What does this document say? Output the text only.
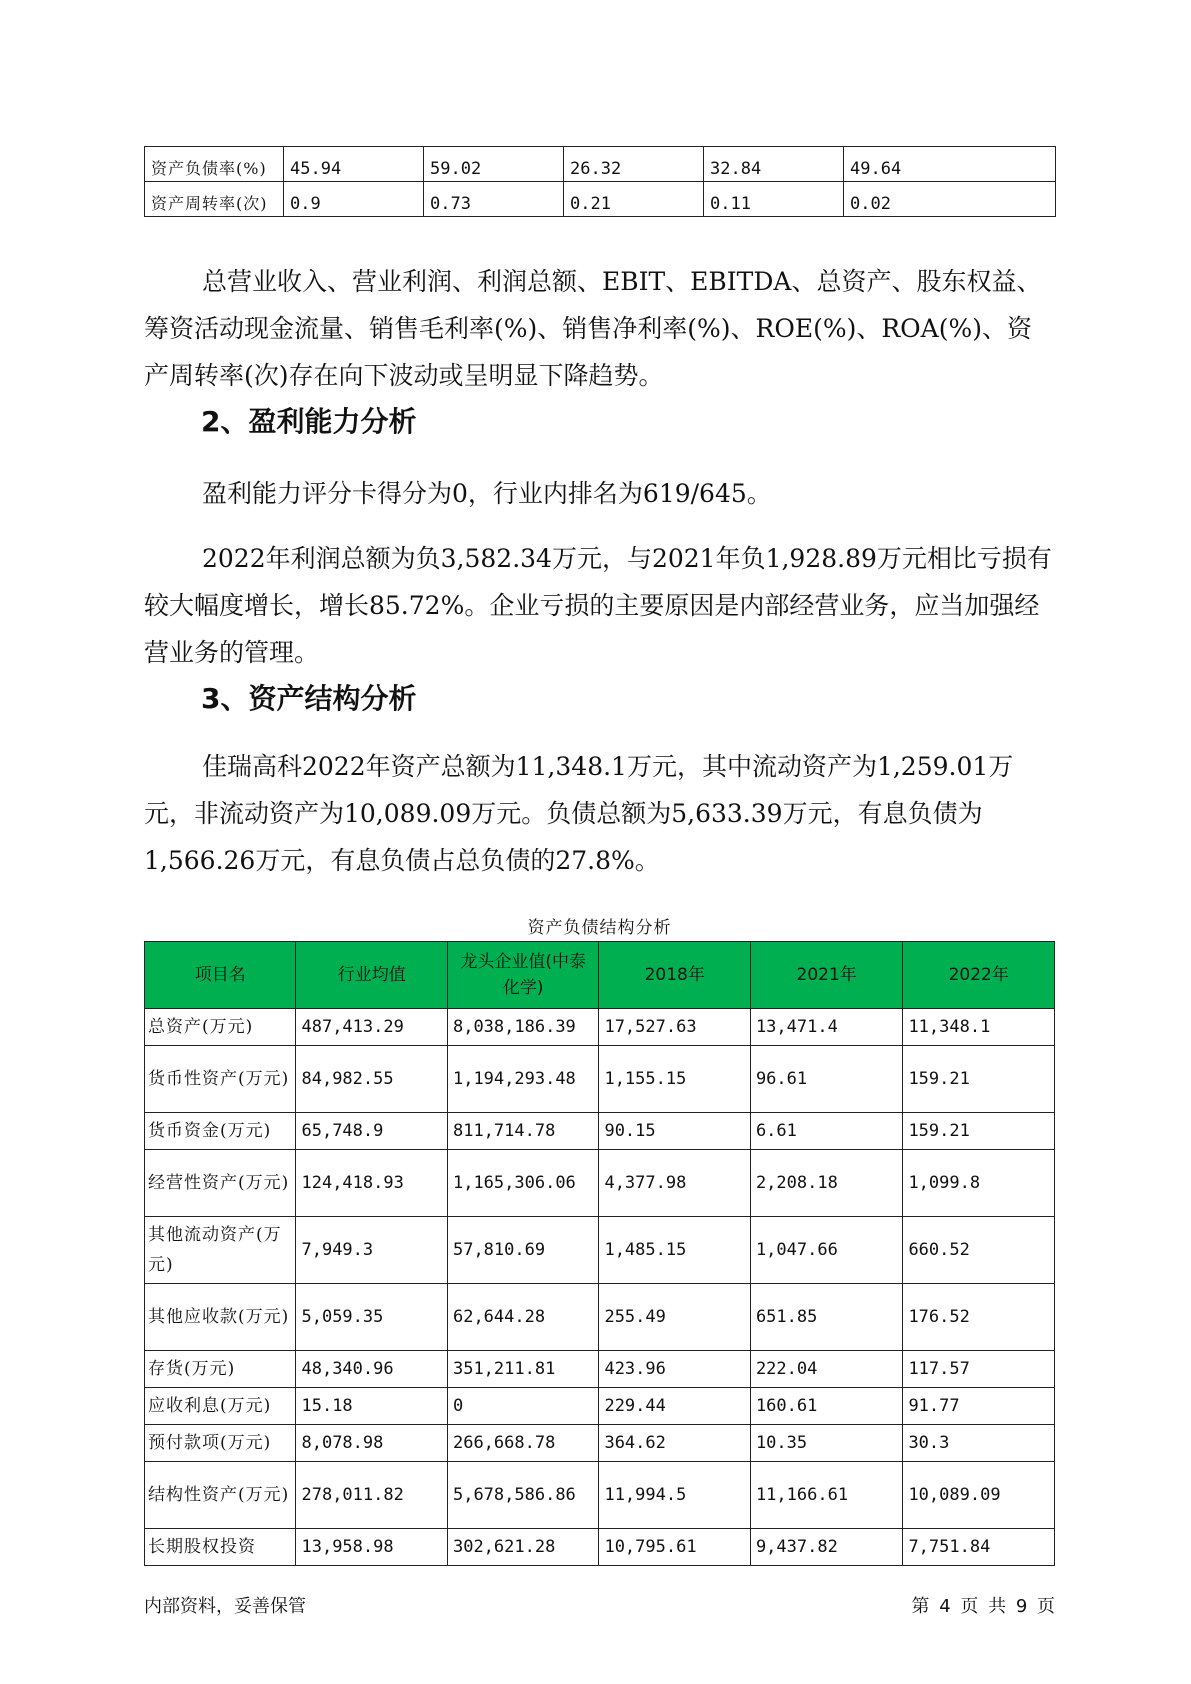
资产负债率(%)	45.94	59.02	26.32	32.84	49.64
资产周转率(次)	0.9	0.73	0.21	0.11	0.02

总营业收入、营业利润、利润总额、EBIT、EBITDA、总资产、股东权益、筹资活动现金流量、销售毛利率(%)、销售净利率(%)、ROE(%)、ROA(%)、资产周转率(次)存在向下波动或呈明显下降趋势。

2、盈利能力分析

盈利能力评分卡得分为0，行业内排名为619/645。

2022年利润总额为负3,582.34万元，与2021年负1,928.89万元相比亏损有较大幅度增长，增长85.72%。企业亏损的主要原因是内部经营业务，应当加强经营业务的管理。

3、资产结构分析

佳瑞高科2022年资产总额为11,348.1万元，其中流动资产为1,259.01万元，非流动资产为10,089.09万元。负债总额为5,633.39万元，有息负债为1,566.26万元，有息负债占总负债的27.8%。

资产负债结构分析
项目名	行业均值	龙头企业值(中泰化学)	2018年	2021年	2022年
总资产(万元)	487,413.29	8,038,186.39	17,527.63	13,471.4	11,348.1
货币性资产(万元)	84,982.55	1,194,293.48	1,155.15	96.61	159.21
货币资金(万元)	65,748.9	811,714.78	90.15	6.61	159.21
经营性资产(万元)	124,418.93	1,165,306.06	4,377.98	2,208.18	1,099.8
其他流动资产(万元)	7,949.3	57,810.69	1,485.15	1,047.66	660.52
其他应收款(万元)	5,059.35	62,644.28	255.49	651.85	176.52
存货(万元)	48,340.96	351,211.81	423.96	222.04	117.57
应收利息(万元)	15.18	0	229.44	160.61	91.77
预付款项(万元)	8,078.98	266,668.78	364.62	10.35	30.3
结构性资产(万元)	278,011.82	5,678,586.86	11,994.5	11,166.61	10,089.09
长期股权投资	13,958.98	302,621.28	10,795.61	9,437.82	7,751.84
内部资料，妥善保管	第 4 页 共 9 页
